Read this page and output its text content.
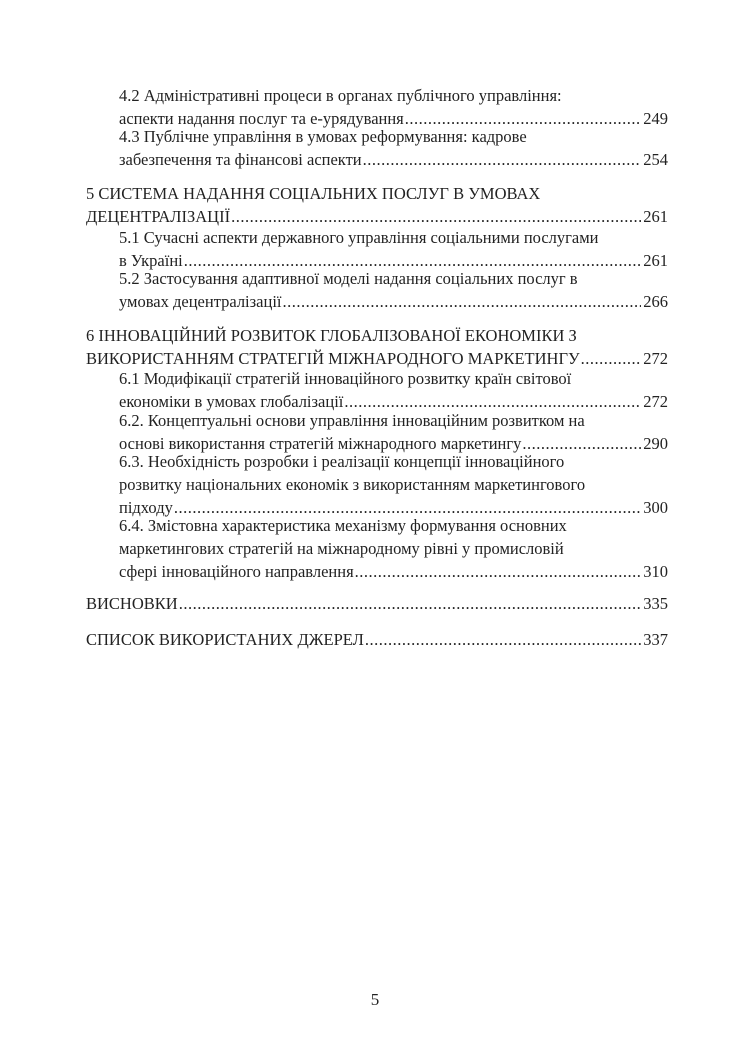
4.2 Адміністративні процеси в органах публічного управління:
аспекти надання послуг та е-урядування .....	249
4.3 Публічне управління в умовах реформування: кадрове
забезпечення та фінансові аспекти .....	254
5 СИСТЕМА НАДАННЯ СОЦІАЛЬНИХ ПОСЛУГ В УМОВАХ
ДЕЦЕНТРАЛІЗАЦІЇ .....	261
5.1 Сучасні аспекти державного управління соціальними послугами
в Україні .....	261
5.2 Застосування адаптивної моделі надання соціальних послуг в
умовах децентралізації .....	266
6 ІННОВАЦІЙНИЙ РОЗВИТОК ГЛОБАЛІЗОВАНОЇ ЕКОНОМІКИ З
ВИКОРИСТАННЯМ СТРАТЕГІЙ МІЖНАРОДНОГО МАРКЕТИНГУ .....	272
6.1 Модифікації стратегій інноваційного розвитку країн світової
економіки в умовах глобалізації .....	272
6.2. Концептуальні основи управління інноваційним розвитком на
основі використання стратегій міжнародного маркетингу .....	290
6.3. Необхідність розробки і реалізації концепції інноваційного
розвитку національних економік з використанням маркетингового
підходу .....	300
6.4. Змістовна характеристика механізму формування основних
маркетингових стратегій на міжнародному рівні у промисловій
сфері інноваційного направлення .....	310
ВИСНОВКИ .....	335
СПИСОК ВИКОРИСТАНИХ ДЖЕРЕЛ .....	337
5
